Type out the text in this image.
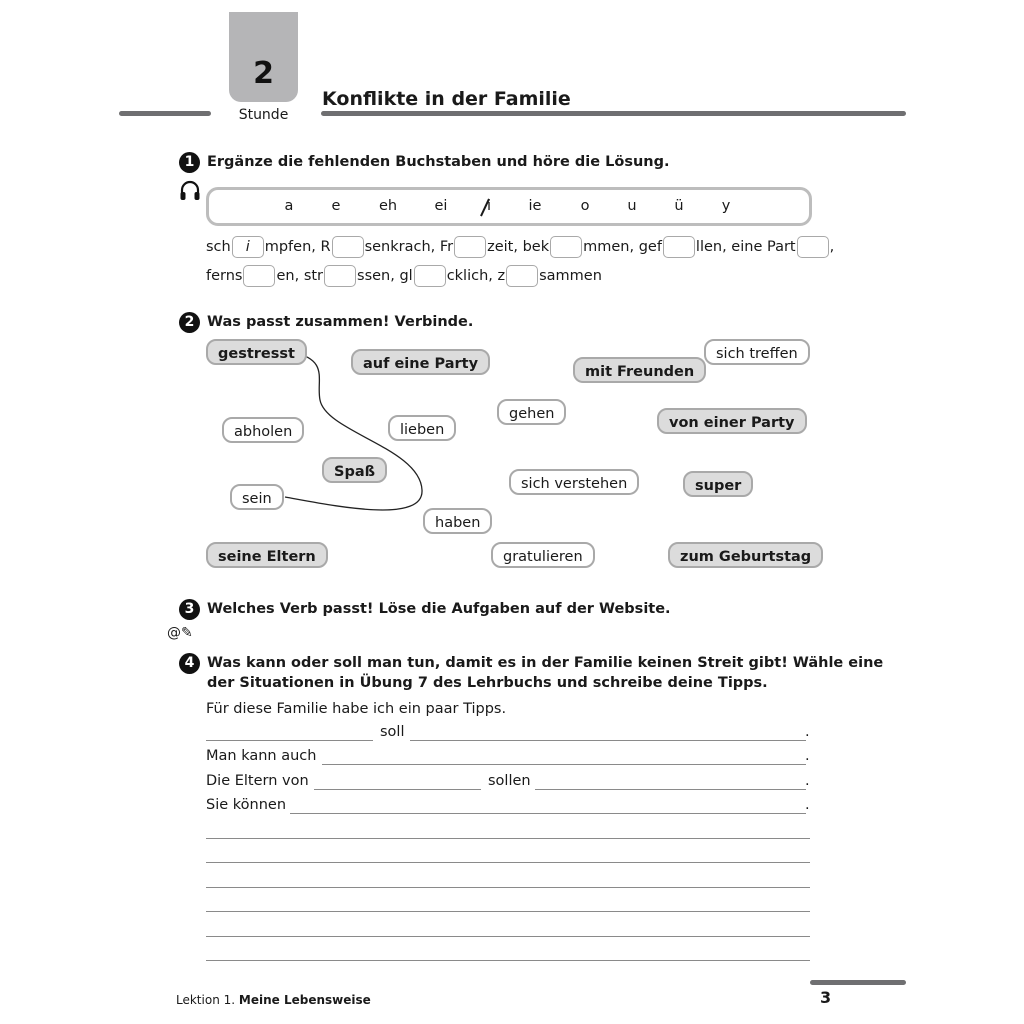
2
Stunde
Konflikte in der Familie
1 Ergänze die fehlenden Buchstaben und höre die Lösung.
a	e	eh	ei	i	ie	o	u	ü	y
sch i mpfen, R senkrach, Fr zeit, bek mmen, gef llen, eine Part ,
ferns en, str ssen, gl cklich, z sammen
2 Was passt zusammen! Verbinde.
gestresst
auf eine Party	mit Freunden
sich treffen
gehen
von einer Party
abholen	lieben
Spaß
sich verstehen	super
sein
haben
seine Eltern	gratulieren	zum Geburtstag
3 Welches Verb passt! Löse die Aufgaben auf der Website.
@✎
4 Was kann oder soll man tun, damit es in der Familie keinen Streit gibt! Wähle eine
der Situationen in Übung 7 des Lehrbuchs und schreibe deine Tipps.
Für diese Familie habe ich ein paar Tipps.
soll	.
Man kann auch	.
Die Eltern von	sollen	.
Sie können	.
Lektion 1. Meine Lebensweise	3
